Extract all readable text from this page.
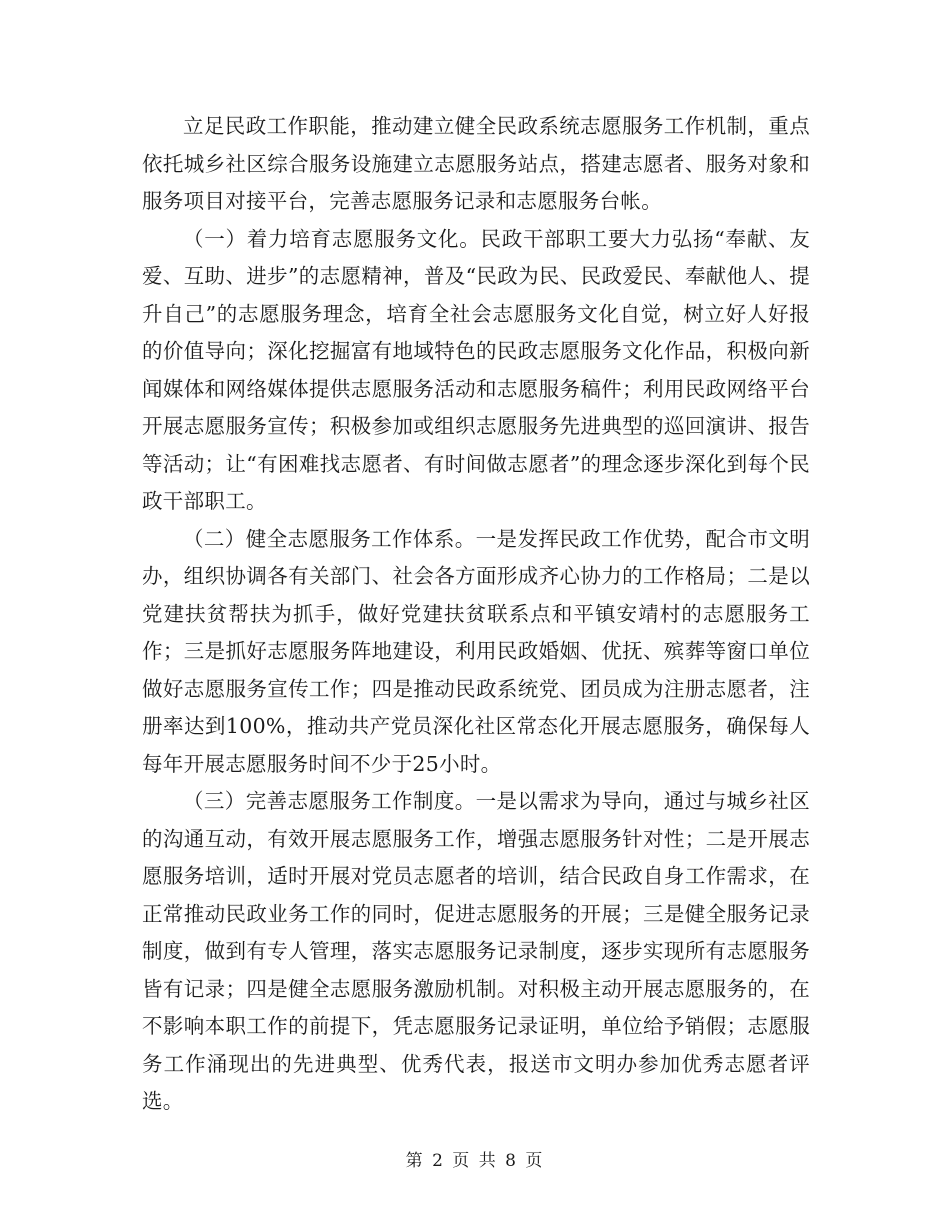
立足民政工作职能，推动建立健全民政系统志愿服务工作机制，重点依托城乡社区综合服务设施建立志愿服务站点，搭建志愿者、服务对象和服务项目对接平台，完善志愿服务记录和志愿服务台帐。

（一）着力培育志愿服务文化。民政干部职工要大力弘扬“奉献、友爱、互助、进步”的志愿精神，普及“民政为民、民政爱民、奉献他人、提升自己”的志愿服务理念，培育全社会志愿服务文化自觉，树立好人好报的价值导向；深化挖掘富有地域特色的民政志愿服务文化作品，积极向新闻媒体和网络媒体提供志愿服务活动和志愿服务稿件；利用民政网络平台开展志愿服务宣传；积极参加或组织志愿服务先进典型的巡回演讲、报告等活动；让“有困难找志愿者、有时间做志愿者”的理念逐步深化到每个民政干部职工。

（二）健全志愿服务工作体系。一是发挥民政工作优势，配合市文明办，组织协调各有关部门、社会各方面形成齐心协力的工作格局；二是以党建扶贫帮扶为抓手，做好党建扶贫联系点和平镇安靖村的志愿服务工作；三是抓好志愿服务阵地建设，利用民政婚姻、优抚、殡葬等窗口单位做好志愿服务宣传工作；四是推动民政系统党、团员成为注册志愿者，注册率达到100%，推动共产党员深化社区常态化开展志愿服务，确保每人每年开展志愿服务时间不少于25小时。

（三）完善志愿服务工作制度。一是以需求为导向，通过与城乡社区的沟通互动，有效开展志愿服务工作，增强志愿服务针对性；二是开展志愿服务培训，适时开展对党员志愿者的培训，结合民政自身工作需求，在正常推动民政业务工作的同时，促进志愿服务的开展；三是健全服务记录制度，做到有专人管理，落实志愿服务记录制度，逐步实现所有志愿服务皆有记录；四是健全志愿服务激励机制。对积极主动开展志愿服务的，在不影响本职工作的前提下，凭志愿服务记录证明，单位给予销假；志愿服务工作涌现出的先进典型、优秀代表，报送市文明办参加优秀志愿者评选。

第 2 页 共 8 页
